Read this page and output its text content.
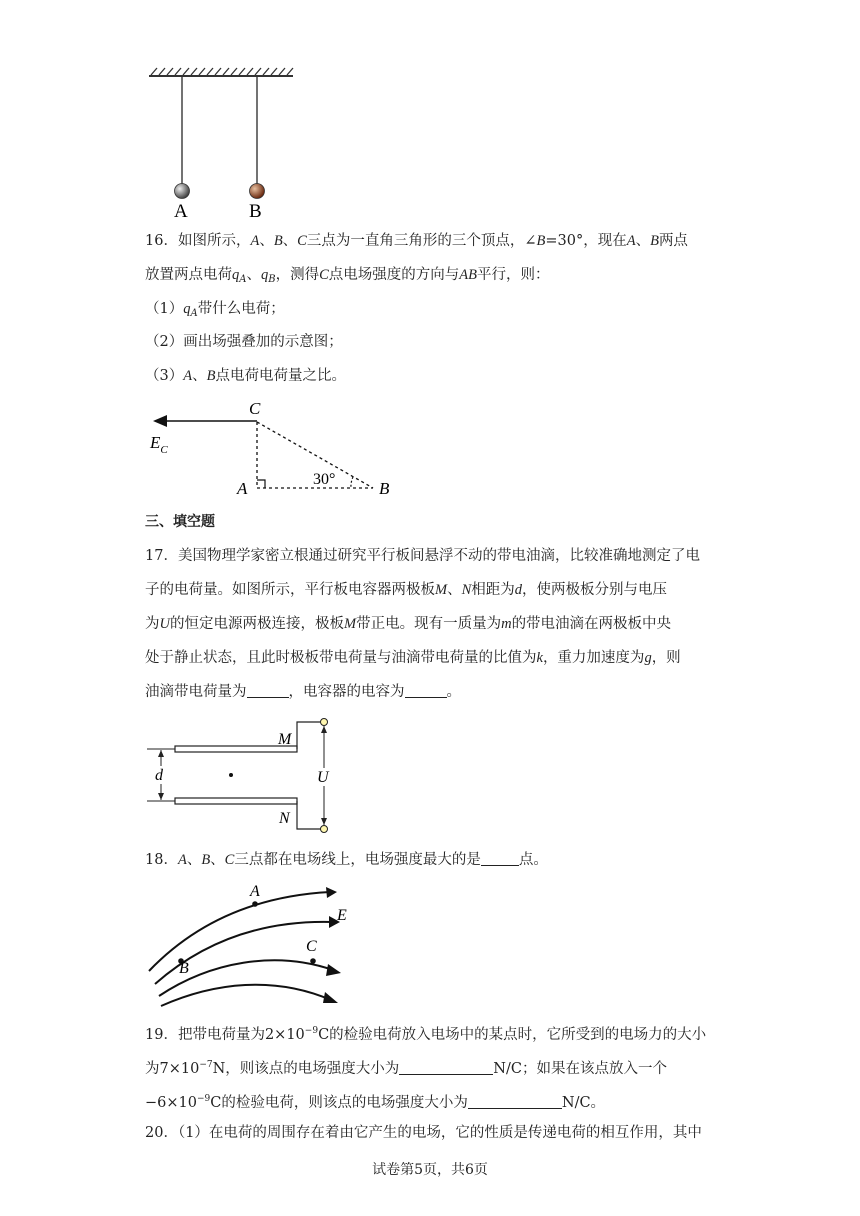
A	B
16．如图所示，A、B、C三点为一直角三角形的三个顶点，∠B=30°，现在A、B两点
放置两点电荷$q_A$、$q_B$，测得C点电场强度的方向与AB平行，则：
$(1)q_A$带什么电荷；
（2）画出场强叠加的示意图；
（3）A、B点电荷电荷量之比。
C
$E_C$
30°
A	B
三、填空题
17．美国物理学家密立根通过研究平行板间悬浮不动的带电油滴，比较准确地测定了电
子的电荷量。如图所示，平行板电容器两极板M、N相距为d，使两极板分别与电压
为U的恒定电源两极连接，极板M带正电。现有一质量为m的带电油滴在两极板中央
处于静止状态，且此时极板带电荷量与油滴带电荷量的比值为k，重力加速度为g，则
油滴带电荷量为	，电容器的电容为	。
U
d
M
N
18．A、B、C三点都在电场线上，电场强度最大的是	点。
A
B
C
E
19．把带电荷量为$2\times 10^{-9}C$的检验电荷放入电场中的某点时，它所受到的电场力的大小
为$7\times 10^{-7}N$，则该点的电场强度大小为	N/C；如果在该点放入一个
$-6\times 10^{-9}C$的检验电荷，则该点的电场强度大小为	N/C。
20．（1）在电荷的周围存在着由它产生的电场，它的性质是传递电荷的相互作用，其中
试卷第5页，共6页
